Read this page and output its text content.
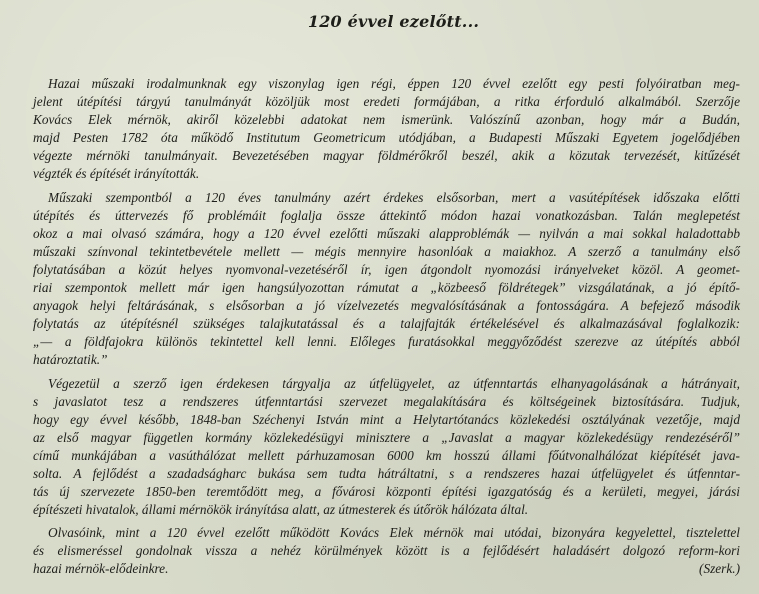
120 évvel ezelőtt...

Hazai műszaki irodalmunknak egy viszonylag igen régi, éppen 120 évvel ezelőtt egy pesti folyóiratban meg-
jelent útépítési tárgyú tanulmányát közöljük most eredeti formájában, a ritka érforduló alkalmából. Szerzője
Kovács Elek mérnök, akiről közelebbi adatokat nem ismerünk. Valószínű azonban, hogy már a Budán,
majd Pesten 1782 óta működő Institutum Geometricum utódjában, a Budapesti Műszaki Egyetem jogelődjében
végezte mérnöki tanulmányait. Bevezetésében magyar földmérőkről beszél, akik a közutak tervezését, kitűzését
végzték és építését irányították.

Műszaki szempontból a 120 éves tanulmány azért érdekes elsősorban, mert a vasútépítések időszaka előtti
útépítés és úttervezés fő problémáit foglalja össze áttekintő módon hazai vonatkozásban. Talán meglepetést
okoz a mai olvasó számára, hogy a 120 évvel ezelőtti műszaki alapproblémák — nyilván a mai sokkal haladottabb
műszaki színvonal tekintetbevétele mellett — mégis mennyire hasonlóak a maiakhoz. A szerző a tanulmány első
folytatásában a közút helyes nyomvonal-vezetéséről ír, igen átgondolt nyomozási irányelveket közöl. A geomet-
riai szempontok mellett már igen hangsúlyozottan rámutat a „közbeeső földrétegek” vizsgálatának, a jó építő-
anyagok helyi feltárásának, s elsősorban a jó vízelvezetés megvalósításának a fontosságára. A befejező második
folytatás az útépítésnél szükséges talajkutatással és a talajfajták értékelésével és alkalmazásával foglalkozik:
„— a földfajokra különös tekintettel kell lenni. Előleges furatásokkal meggyőződést szerezve az útépítés abból
határoztatik.”

Végezetül a szerző igen érdekesen tárgyalja az útfelügyelet, az útfenntartás elhanyagolásának a hátrányait,
s javaslatot tesz a rendszeres útfenntartási szervezet megalakítására és költségeinek biztosítására. Tudjuk,
hogy egy évvel később, 1848-ban Széchenyi István mint a Helytartótanács közlekedési osztályának vezetője, majd
az első magyar független kormány közlekedésügyi minisztere a „Javaslat a magyar közlekedésügy rendezéséről”
című munkájában a vasúthálózat mellett párhuzamosan 6000 km hosszú állami főútvonalhálózat kiépítését java-
solta. A fejlődést a szadadságharc bukása sem tudta hátráltatni, s a rendszeres hazai útfelügyelet és útfenntar-
tás új szervezete 1850-ben teremtődött meg, a fővárosi központi építési igazgatóság és a kerületi, megyei, járási
építészeti hivatalok, állami mérnökök irányítása alatt, az útmesterek és útőrök hálózata által.

Olvasóink, mint a 120 évvel ezelőtt működött Kovács Elek mérnök mai utódai, bizonyára kegyelettel, tisztelettel
és elismeréssel gondolnak vissza a nehéz körülmények között is a fejlődésért haladásért dolgozó reform-kori
hazai mérnök-elődeinkre.	(Szerk.)
